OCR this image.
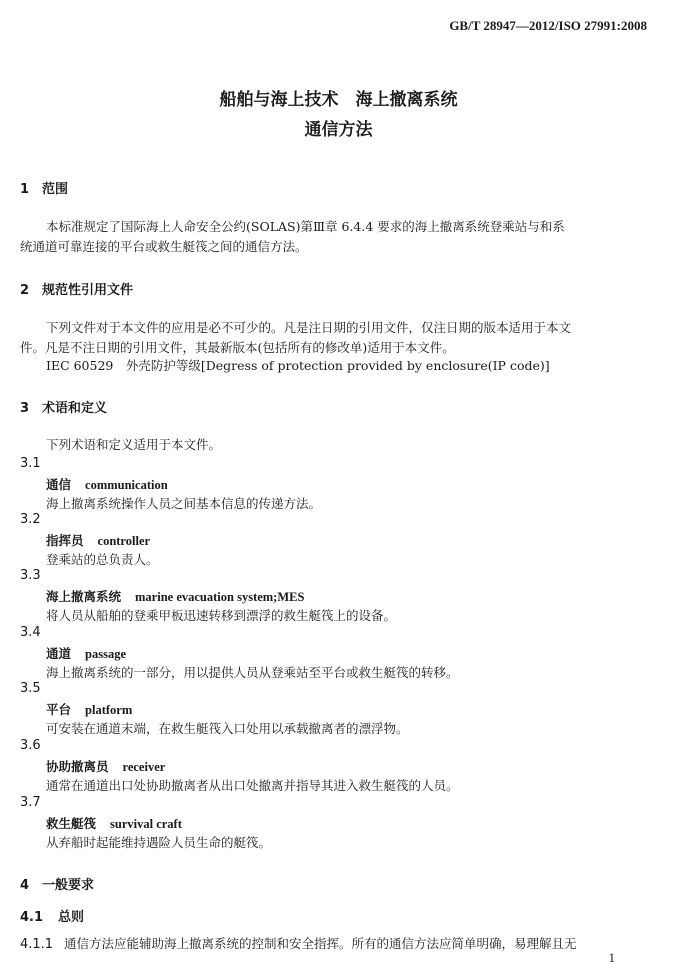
GB/T 28947—2012/ISO 27991:2008
船舶与海上技术　海上撤离系统
通信方法
1 范围
本标准规定了国际海上人命安全公约(SOLAS)第Ⅲ章 6.4.4 要求的海上撤离系统登乘站与和系
统通道可靠连接的平台或救生艇筏之间的通信方法。
2 规范性引用文件
下列文件对于本文件的应用是必不可少的。凡是注日期的引用文件，仅注日期的版本适用于本文
件。凡是不注日期的引用文件，其最新版本(包括所有的修改单)适用于本文件。
IEC 60529　外壳防护等级[Degress of protection provided by enclosure(IP code)]
3 术语和定义
下列术语和定义适用于本文件。
3.1
通信 communication
海上撤离系统操作人员之间基本信息的传递方法。
3.2
指挥员 controller
登乘站的总负责人。
3.3
海上撤离系统 marine evacuation system;MES
将人员从船舶的登乘甲板迅速转移到漂浮的救生艇筏上的设备。
3.4
通道 passage
海上撤离系统的一部分，用以提供人员从登乘站至平台或救生艇筏的转移。
3.5
平台 platform
可安装在通道末端，在救生艇筏入口处用以承载撤离者的漂浮物。
3.6
协助撤离员 receiver
通常在通道出口处协助撤离者从出口处撤离并指导其进入救生艇筏的人员。
3.7
救生艇筏 survival craft
从弃船时起能维持遇险人员生命的艇筏。
4 一般要求
4.1 总则
4.1.1 通信方法应能辅助海上撤离系统的控制和安全指挥。所有的通信方法应简单明确，易理解且无
1
